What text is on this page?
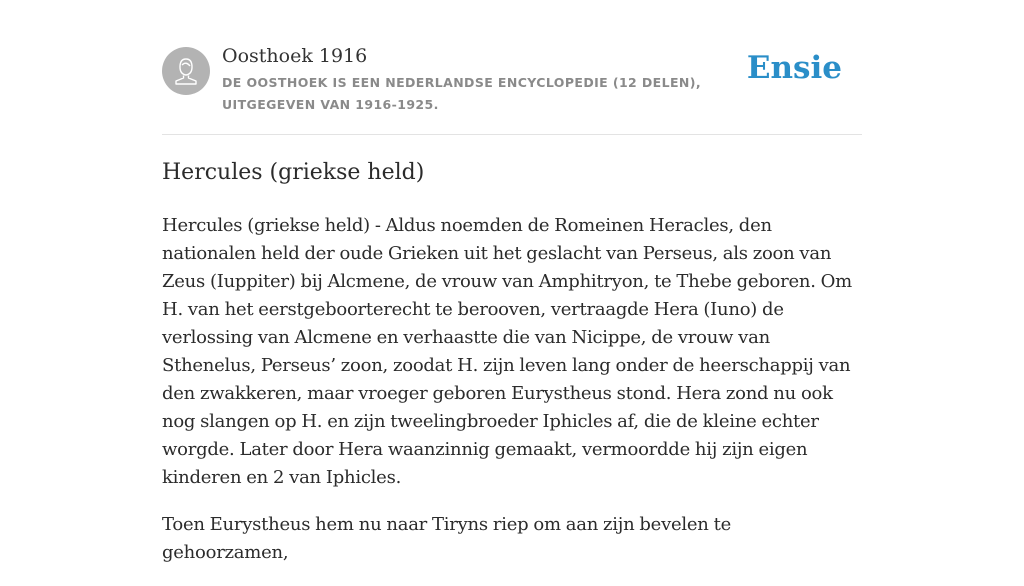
Oosthoek 1916
DE OOSTHOEK IS EEN NEDERLANDSE ENCYCLOPEDIE (12 DELEN), UITGEGEVEN VAN 1916-1925.
Ensie
Hercules (griekse held)

Hercules (griekse held) - Aldus noemden de Romeinen Heracles, den nationalen held der oude Grieken uit het geslacht van Perseus, als zoon van Zeus (Iuppiter) bij Alcmene, de vrouw van Amphitryon, te Thebe geboren. Om H. van het eerstgeboorterecht te berooven, vertraagde Hera (Iuno) de verlossing van Alcmene en verhaastte die van Nicippe, de vrouw van Sthenelus, Perseus’ zoon, zoodat H. zijn leven lang onder de heerschappij van den zwakkeren, maar vroeger geboren Eurystheus stond. Hera zond nu ook nog slangen op H. en zijn tweelingbroeder Iphicles af, die de kleine echter worgde. Later door Hera waanzinnig gemaakt, vermoordde hij zijn eigen kinderen en 2 van Iphicles.

Toen Eurystheus hem nu naar Tiryns riep om aan zijn bevelen te gehoorzamen,
